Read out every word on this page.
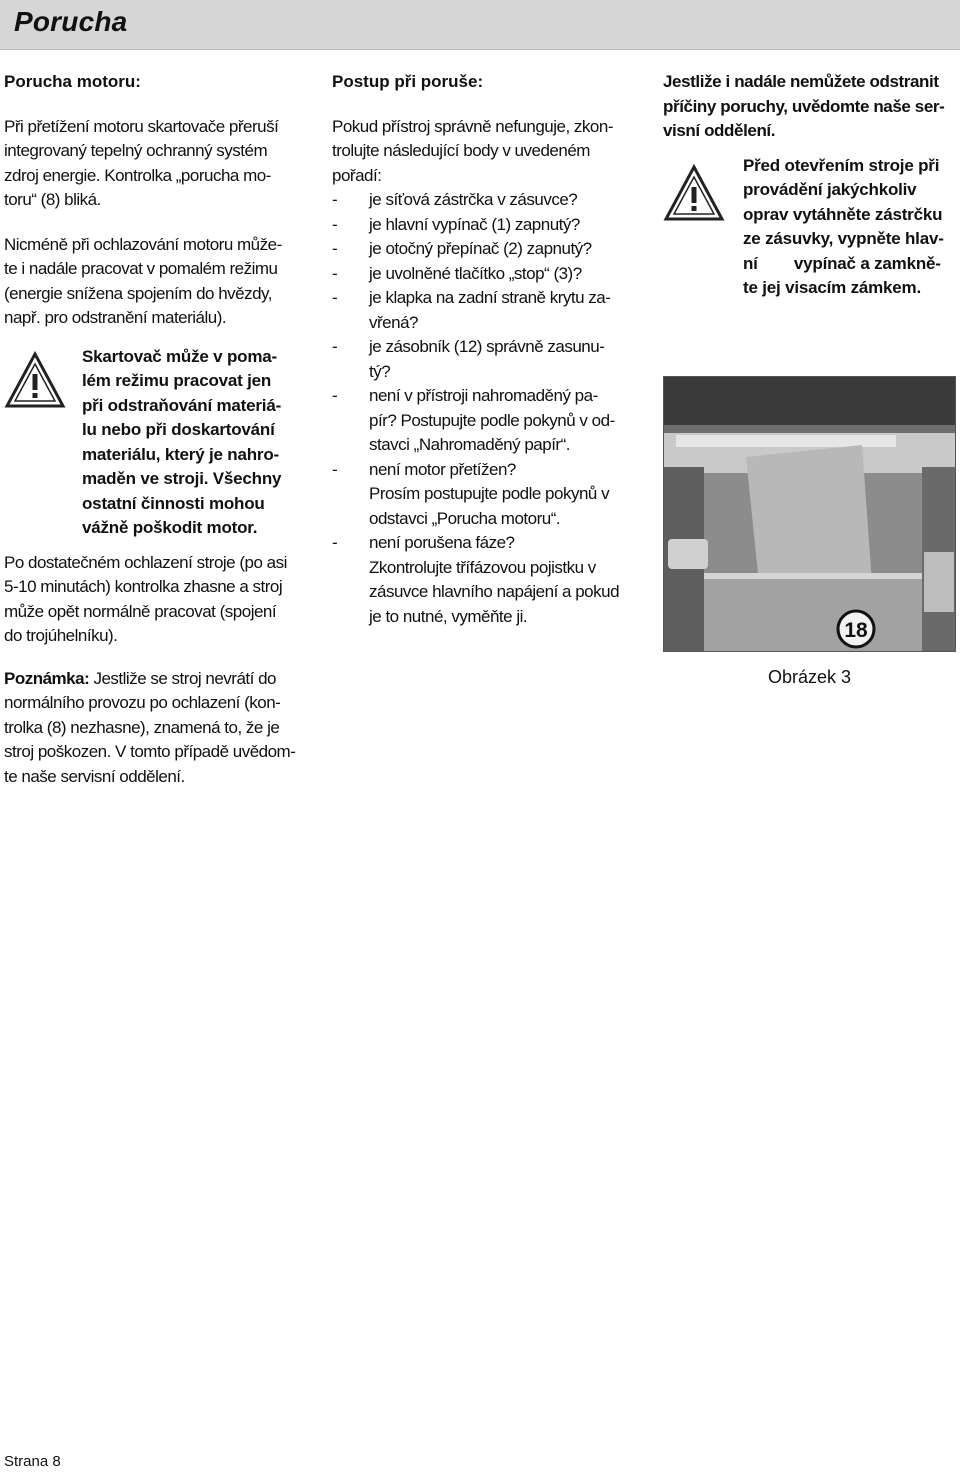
Porucha
Porucha motoru:
Při přetížení motoru skartovače přeruší
integrovaný tepelný ochranný systém
zdroj energie. Kontrolka „porucha mo-
toru“ (8) bliká.
Nicméně při ochlazování motoru může-
te i nadále pracovat v pomalém režimu
(energie snížena spojením do hvězdy,
např. pro odstranění materiálu).
Skartovač může v poma-
lém režimu pracovat jen
při odstraňování materiá-
lu nebo při doskartování
materiálu, který je nahro-
maděn ve stroji. Všechny
ostatní činnosti mohou
vážně poškodit motor.
Po dostatečném ochlazení stroje (po asi
5-10 minutách) kontrolka zhasne a stroj
může opět normálně pracovat (spojení
do trojúhelníku).
Poznámka: Jestliže se stroj nevrátí do
normálního provozu po ochlazení (kon-
trolka (8) nezhasne), znamená to, že je
stroj poškozen. V tomto případě uvědom-
te naše servisní oddělení.
Postup při poruše:
Pokud přístroj správně nefunguje, zkon-
trolujte následující body v uvedeném
pořadí:
- je síťová zástrčka v zásuvce?
- je hlavní vypínač (1) zapnutý?
- je otočný přepínač (2) zapnutý?
- je uvolněné tlačítko „stop“ (3)?
- je klapka na zadní straně krytu za-
vřená?
- je zásobník (12) správně zasunu-
tý?
- není v přístroji nahromaděný pa-
pír? Postupujte podle pokynů v od-
stavci „Nahromaděný papír“.
- není motor přetížen?
Prosím postupujte podle pokynů v
odstavci „Porucha motoru“.
- není porušena fáze?
Zkontrolujte třífázovou pojistku v
zásuvce hlavního napájení a pokud
je to nutné, vyměňte ji.
Jestliže i nadále nemůžete odstranit
příčiny poruchy, uvědomte naše ser-
visní oddělení.
Před otevřením stroje při
provádění jakýchkoliv
oprav vytáhněte zástrčku
ze zásuvky, vypněte hlav-
ní        vypínač a zamkně-
te jej visacím zámkem.
18
Obrázek 3
Strana 8
